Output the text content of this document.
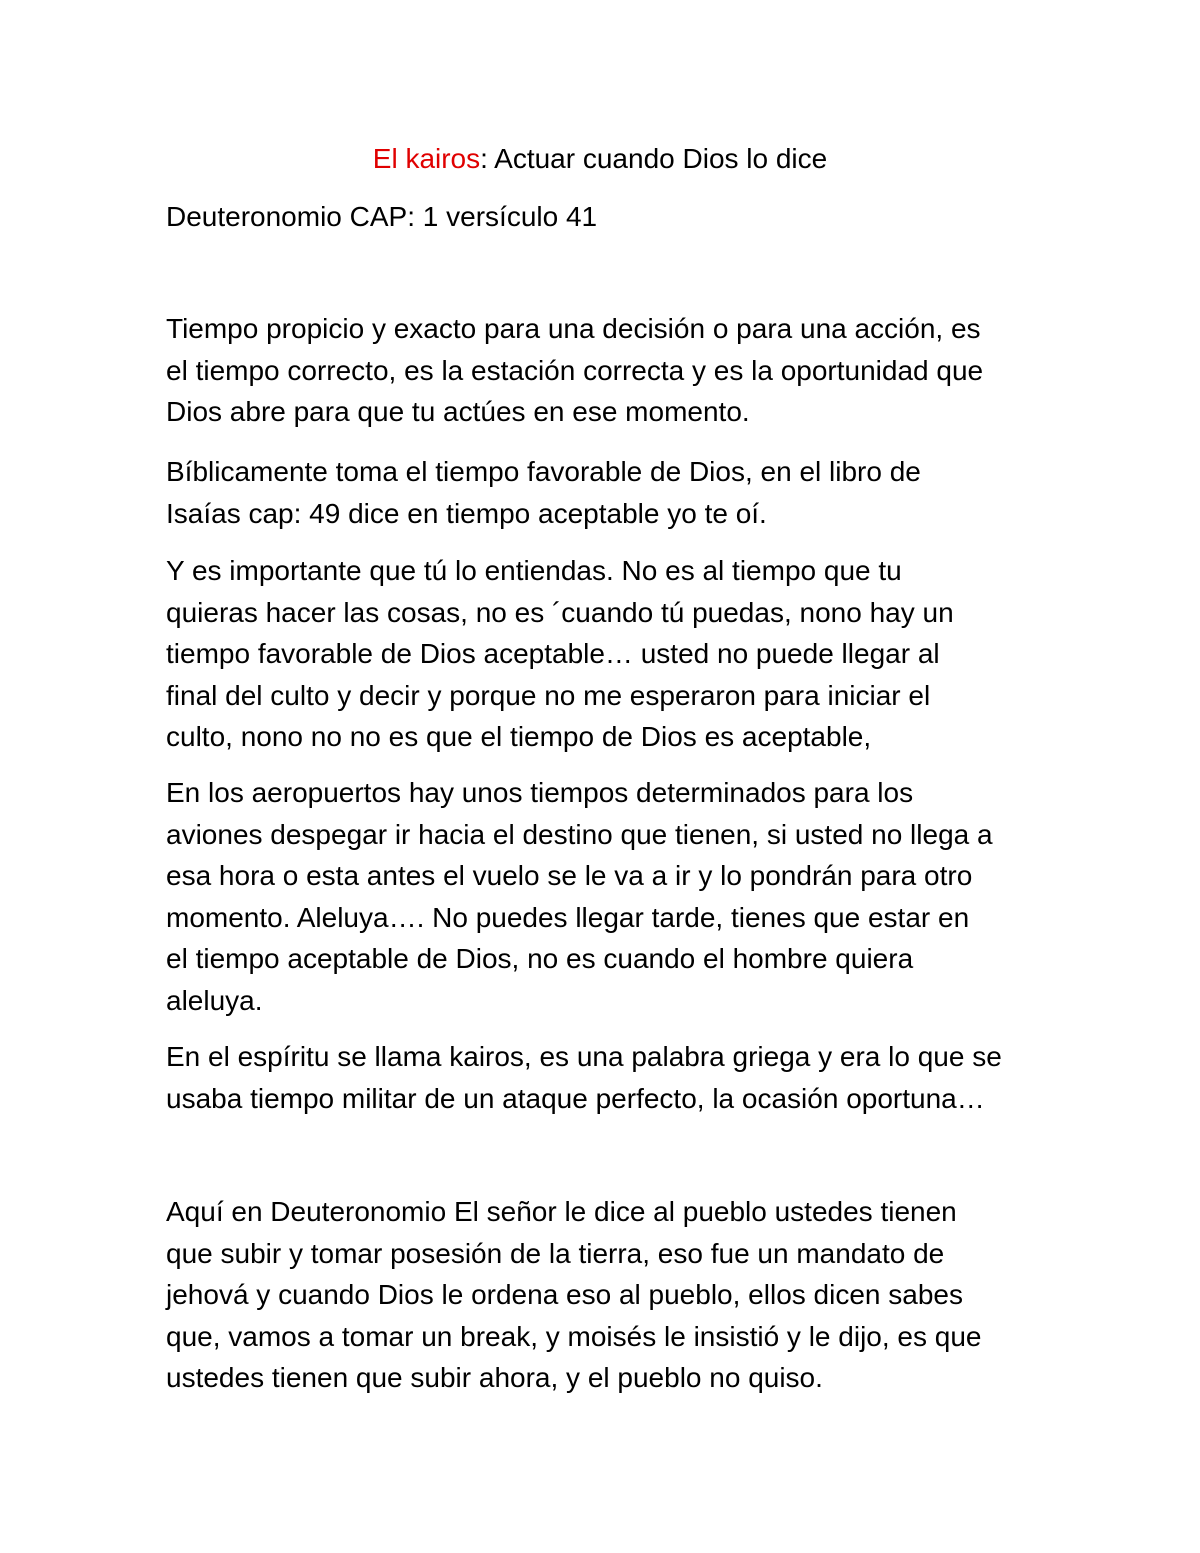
El kairos: Actuar cuando Dios lo dice

Deuteronomio CAP: 1 versículo 41

Tiempo propicio y exacto para una decisión o para una acción, es
el tiempo correcto, es la estación correcta y es la oportunidad que
Dios abre para que tu actúes en ese momento.

Bíblicamente toma el tiempo favorable de Dios, en el libro de
Isaías cap: 49 dice en tiempo aceptable yo te oí.

Y es importante que tú lo entiendas. No es al tiempo que tu
quieras hacer las cosas, no es ´cuando tú puedas, nono hay un
tiempo favorable de Dios aceptable… usted no puede llegar al
final del culto y decir y porque no me esperaron para iniciar el
culto, nono no no es que el tiempo de Dios es aceptable,

En los aeropuertos hay unos tiempos determinados para los
aviones despegar ir hacia el destino que tienen, si usted no llega a
esa hora o esta antes el vuelo se le va a ir y lo pondrán para otro
momento. Aleluya…. No puedes llegar tarde, tienes que estar en
el tiempo aceptable de Dios, no es cuando el hombre quiera
aleluya.

En el espíritu se llama kairos, es una palabra griega y era lo que se
usaba tiempo militar de un ataque perfecto, la ocasión oportuna…

Aquí en Deuteronomio El señor le dice al pueblo ustedes tienen
que subir y tomar posesión de la tierra, eso fue un mandato de
jehová y cuando Dios le ordena eso al pueblo, ellos dicen sabes
que, vamos a tomar un break, y moisés le insistió y le dijo, es que
ustedes tienen que subir ahora, y el pueblo no quiso.
